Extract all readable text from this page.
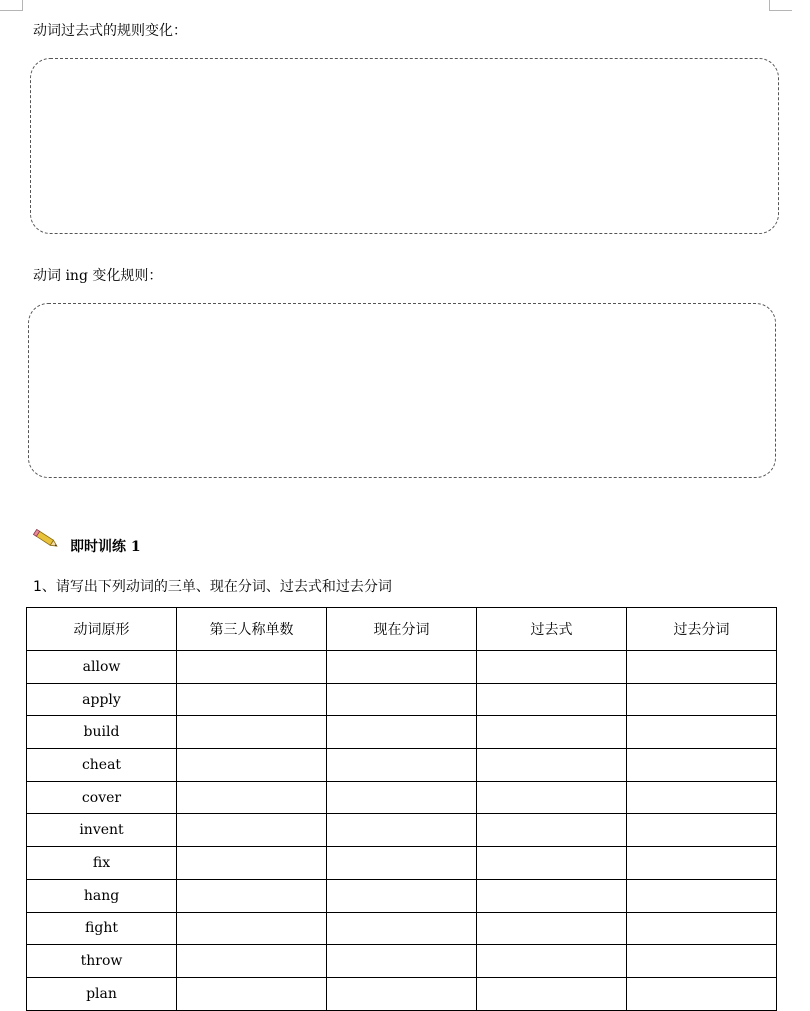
动词过去式的规则变化：
动词 ing 变化规则：
即时训练 1
1、请写出下列动词的三单、现在分词、过去式和过去分词
动词原形	第三人称单数	现在分词	过去式	过去分词
allow				
apply				
build				
cheat				
cover				
invent				
fix				
hang				
fight				
throw				
plan				
